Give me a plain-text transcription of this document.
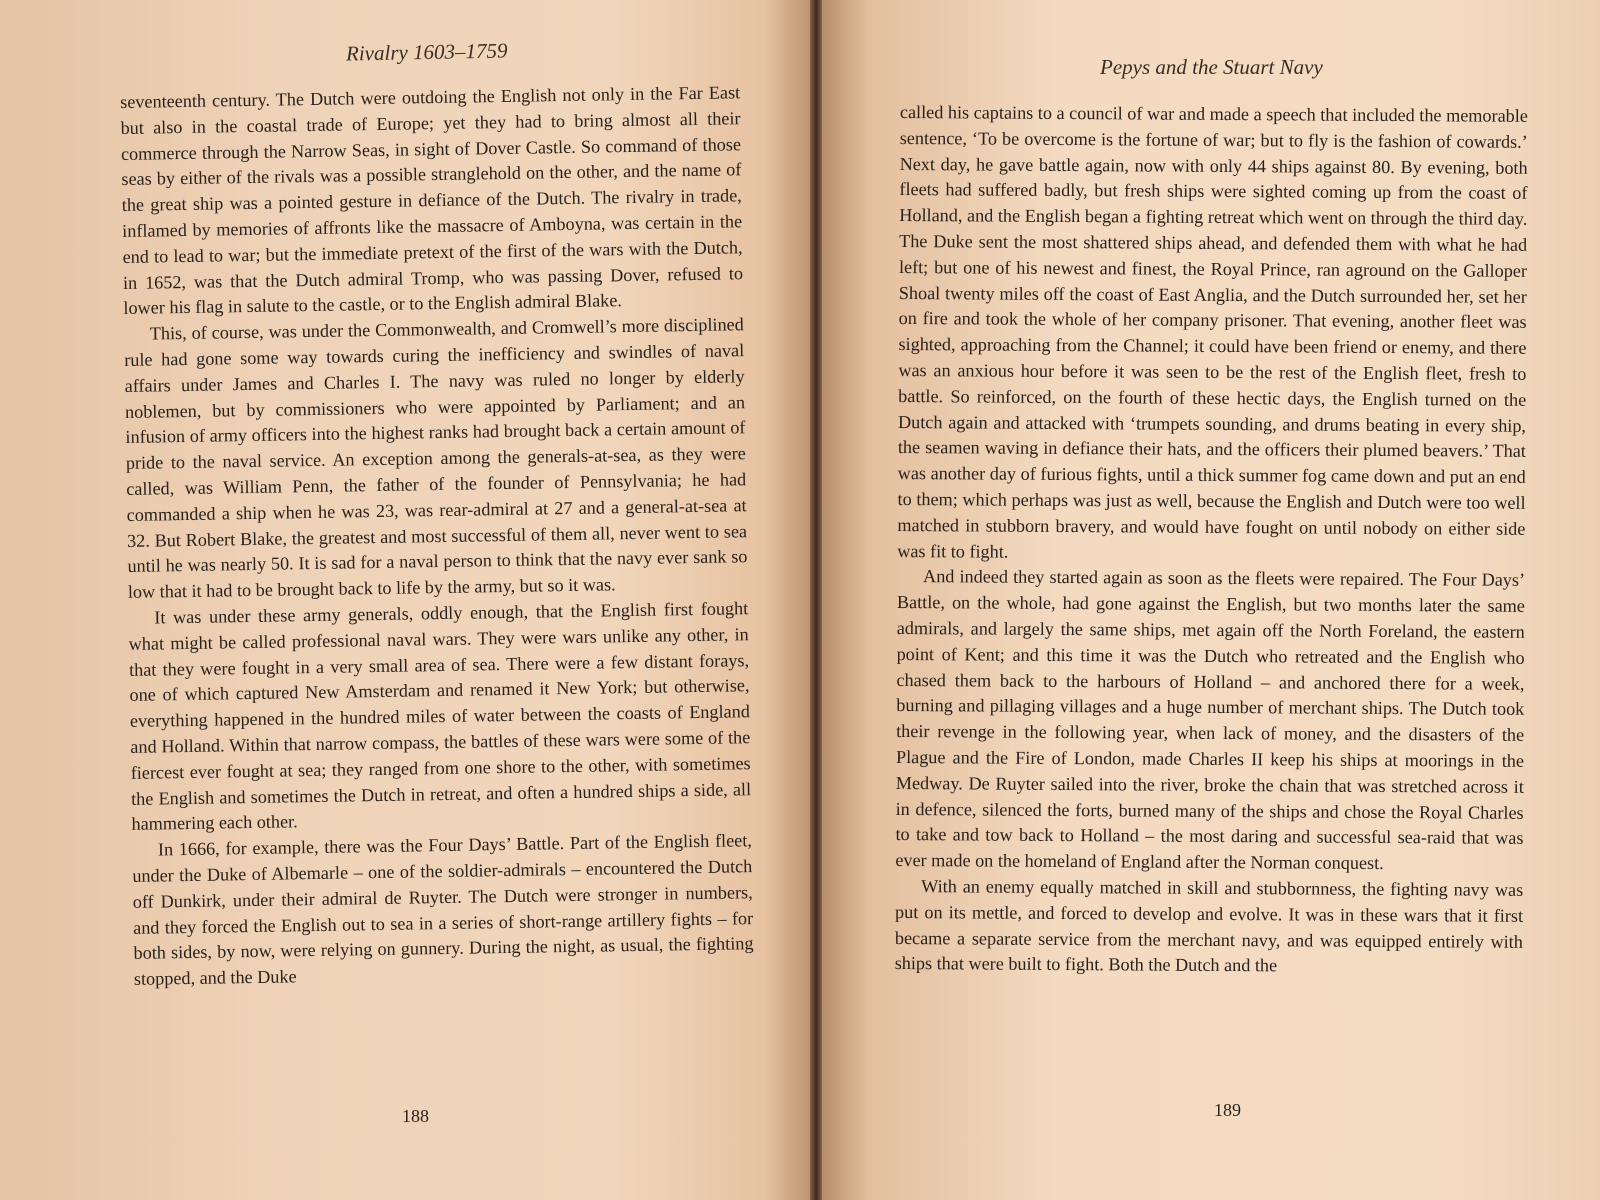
Rivalry 1603–1759

seventeenth century. The Dutch were outdoing the English not only in the Far East but also in the coastal trade of Europe; yet they had to bring almost all their commerce through the Narrow Seas, in sight of Dover Castle. So command of those seas by either of the rivals was a possible stranglehold on the other, and the name of the great ship was a pointed gesture in defiance of the Dutch. The rivalry in trade, inflamed by memories of affronts like the massacre of Amboyna, was certain in the end to lead to war; but the immediate pretext of the first of the wars with the Dutch, in 1652, was that the Dutch admiral Tromp, who was passing Dover, refused to lower his flag in salute to the castle, or to the English admiral Blake.

This, of course, was under the Commonwealth, and Cromwell’s more disciplined rule had gone some way towards curing the inefficiency and swindles of naval affairs under James and Charles I. The navy was ruled no longer by elderly noblemen, but by commissioners who were appointed by Parliament; and an infusion of army officers into the highest ranks had brought back a certain amount of pride to the naval service. An exception among the generals-at-sea, as they were called, was William Penn, the father of the founder of Pennsylvania; he had commanded a ship when he was 23, was rear-admiral at 27 and a general-at-sea at 32. But Robert Blake, the greatest and most successful of them all, never went to sea until he was nearly 50. It is sad for a naval person to think that the navy ever sank so low that it had to be brought back to life by the army, but so it was.

It was under these army generals, oddly enough, that the English first fought what might be called professional naval wars. They were wars unlike any other, in that they were fought in a very small area of sea. There were a few distant forays, one of which captured New Amsterdam and renamed it New York; but otherwise, everything happened in the hundred miles of water between the coasts of England and Holland. Within that narrow compass, the battles of these wars were some of the fiercest ever fought at sea; they ranged from one shore to the other, with sometimes the English and sometimes the Dutch in retreat, and often a hundred ships a side, all hammering each other.

In 1666, for example, there was the Four Days’ Battle. Part of the English fleet, under the Duke of Albemarle – one of the soldier-admirals – encountered the Dutch off Dunkirk, under their admiral de Ruyter. The Dutch were stronger in numbers, and they forced the English out to sea in a series of short-range artillery fights – for both sides, by now, were relying on gunnery. During the night, as usual, the fighting stopped, and the Duke

188
Pepys and the Stuart Navy

called his captains to a council of war and made a speech that included the memorable sentence, ‘To be overcome is the fortune of war; but to fly is the fashion of cowards.’ Next day, he gave battle again, now with only 44 ships against 80. By evening, both fleets had suffered badly, but fresh ships were sighted coming up from the coast of Holland, and the English began a fighting retreat which went on through the third day. The Duke sent the most shattered ships ahead, and defended them with what he had left; but one of his newest and finest, the Royal Prince, ran aground on the Galloper Shoal twenty miles off the coast of East Anglia, and the Dutch surrounded her, set her on fire and took the whole of her company prisoner. That evening, another fleet was sighted, approaching from the Channel; it could have been friend or enemy, and there was an anxious hour before it was seen to be the rest of the English fleet, fresh to battle. So reinforced, on the fourth of these hectic days, the English turned on the Dutch again and attacked with ‘trumpets sounding, and drums beating in every ship, the seamen waving in defiance their hats, and the officers their plumed beavers.’ That was another day of furious fights, until a thick summer fog came down and put an end to them; which perhaps was just as well, because the English and Dutch were too well matched in stubborn bravery, and would have fought on until nobody on either side was fit to fight.

And indeed they started again as soon as the fleets were repaired. The Four Days’ Battle, on the whole, had gone against the English, but two months later the same admirals, and largely the same ships, met again off the North Foreland, the eastern point of Kent; and this time it was the Dutch who retreated and the English who chased them back to the harbours of Holland – and anchored there for a week, burning and pillaging villages and a huge number of merchant ships. The Dutch took their revenge in the following year, when lack of money, and the disasters of the Plague and the Fire of London, made Charles II keep his ships at moorings in the Medway. De Ruyter sailed into the river, broke the chain that was stretched across it in defence, silenced the forts, burned many of the ships and chose the Royal Charles to take and tow back to Holland – the most daring and successful sea-raid that was ever made on the homeland of England after the Norman conquest.

With an enemy equally matched in skill and stubbornness, the fighting navy was put on its mettle, and forced to develop and evolve. It was in these wars that it first became a separate service from the merchant navy, and was equipped entirely with ships that were built to fight. Both the Dutch and the

189
